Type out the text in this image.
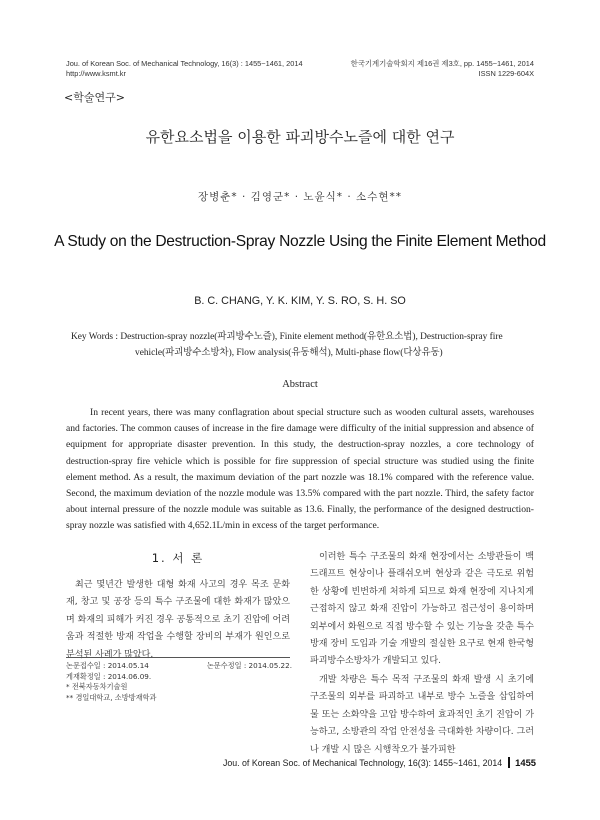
Jou. of Korean Soc. of Mechanical Technology, 16(3) : 1455~1461, 2014
http://www.ksmt.kr
한국기계기술학회지 제16권 제3호, pp. 1455~1461, 2014
ISSN 1229-604X
<학술연구>
유한요소법을 이용한 파괴방수노즐에 대한 연구
장병춘* · 김영군* · 노윤식* · 소수현**
A Study on the Destruction-Spray Nozzle Using the Finite Element Method
B. C. CHANG, Y. K. KIM, Y. S. RO, S. H. SO
Key Words : Destruction-spray nozzle(파괴방수노즐), Finite element method(유한요소법), Destruction-spray fire
vehicle(파괴방수소방차), Flow analysis(유동해석), Multi-phase flow(다상유동)
Abstract
In recent years, there was many conflagration about special structure such as wooden cultural assets, warehouses and factories. The common causes of increase in the fire damage were difficulty of the initial suppression and absence of equipment for appropriate disaster prevention. In this study, the destruction-spray nozzles, a core technology of destruction-spray fire vehicle which is possible for fire suppression of special structure was studied using the finite element method. As a result, the maximum deviation of the part nozzle was 18.1% compared with the reference value. Second, the maximum deviation of the nozzle module was 13.5% compared with the part nozzle. Third, the safety factor about internal pressure of the nozzle module was suitable as 13.6. Finally, the performance of the designed destruction-spray nozzle was satisfied with 4,652.1L/min in excess of the target performance.
1. 서 론
최근 몇년간 발생한 대형 화재 사고의 경우 목조 문화재, 창고 및 공장 등의 특수 구조물에 대한 화재가 많았으며 화재의 피해가 커진 경우 공통적으로 초기 진압에 어려움과 적절한 방재 작업을 수행할 장비의 부재가 원인으로 분석된 사례가 많았다.
이러한 특수 구조물의 화재 현장에서는 소방관들이 백드래프트 현상이나 플래쉬오버 현상과 같은 극도로 위험한 상황에 빈번하게 처하게 되므로 화재 현장에 지나치게 근접하지 않고 화재 진압이 가능하고 접근성이 용이하며 외부에서 화원으로 직접 방수할 수 있는 기능을 갖춘 특수 방재 장비 도입과 기술 개발의 절실한 요구로 현재 한국형 파괴방수소방차가 개발되고 있다.
개발 차량은 특수 목적 구조물의 화재 발생 시 초기에 구조물의 외부를 파괴하고 내부로 방수 노즐을 삽입하여 물 또는 소화약을 고압 방수하여 효과적인 초기 진압이 가능하고, 소방관의 작업 안전성을 극대화한 차량이다. 그러나 개발 시 많은 시행착오가 불가피한
논문접수일 : 2014.05.14	논문수정일 : 2014.05.22.
게재확정일 : 2014.06.09.
* 전북자동차기술원
** 경일대학교, 소방방재학과
Jou. of Korean Soc. of Mechanical Technology, 16(3): 1455~1461, 2014 1455
